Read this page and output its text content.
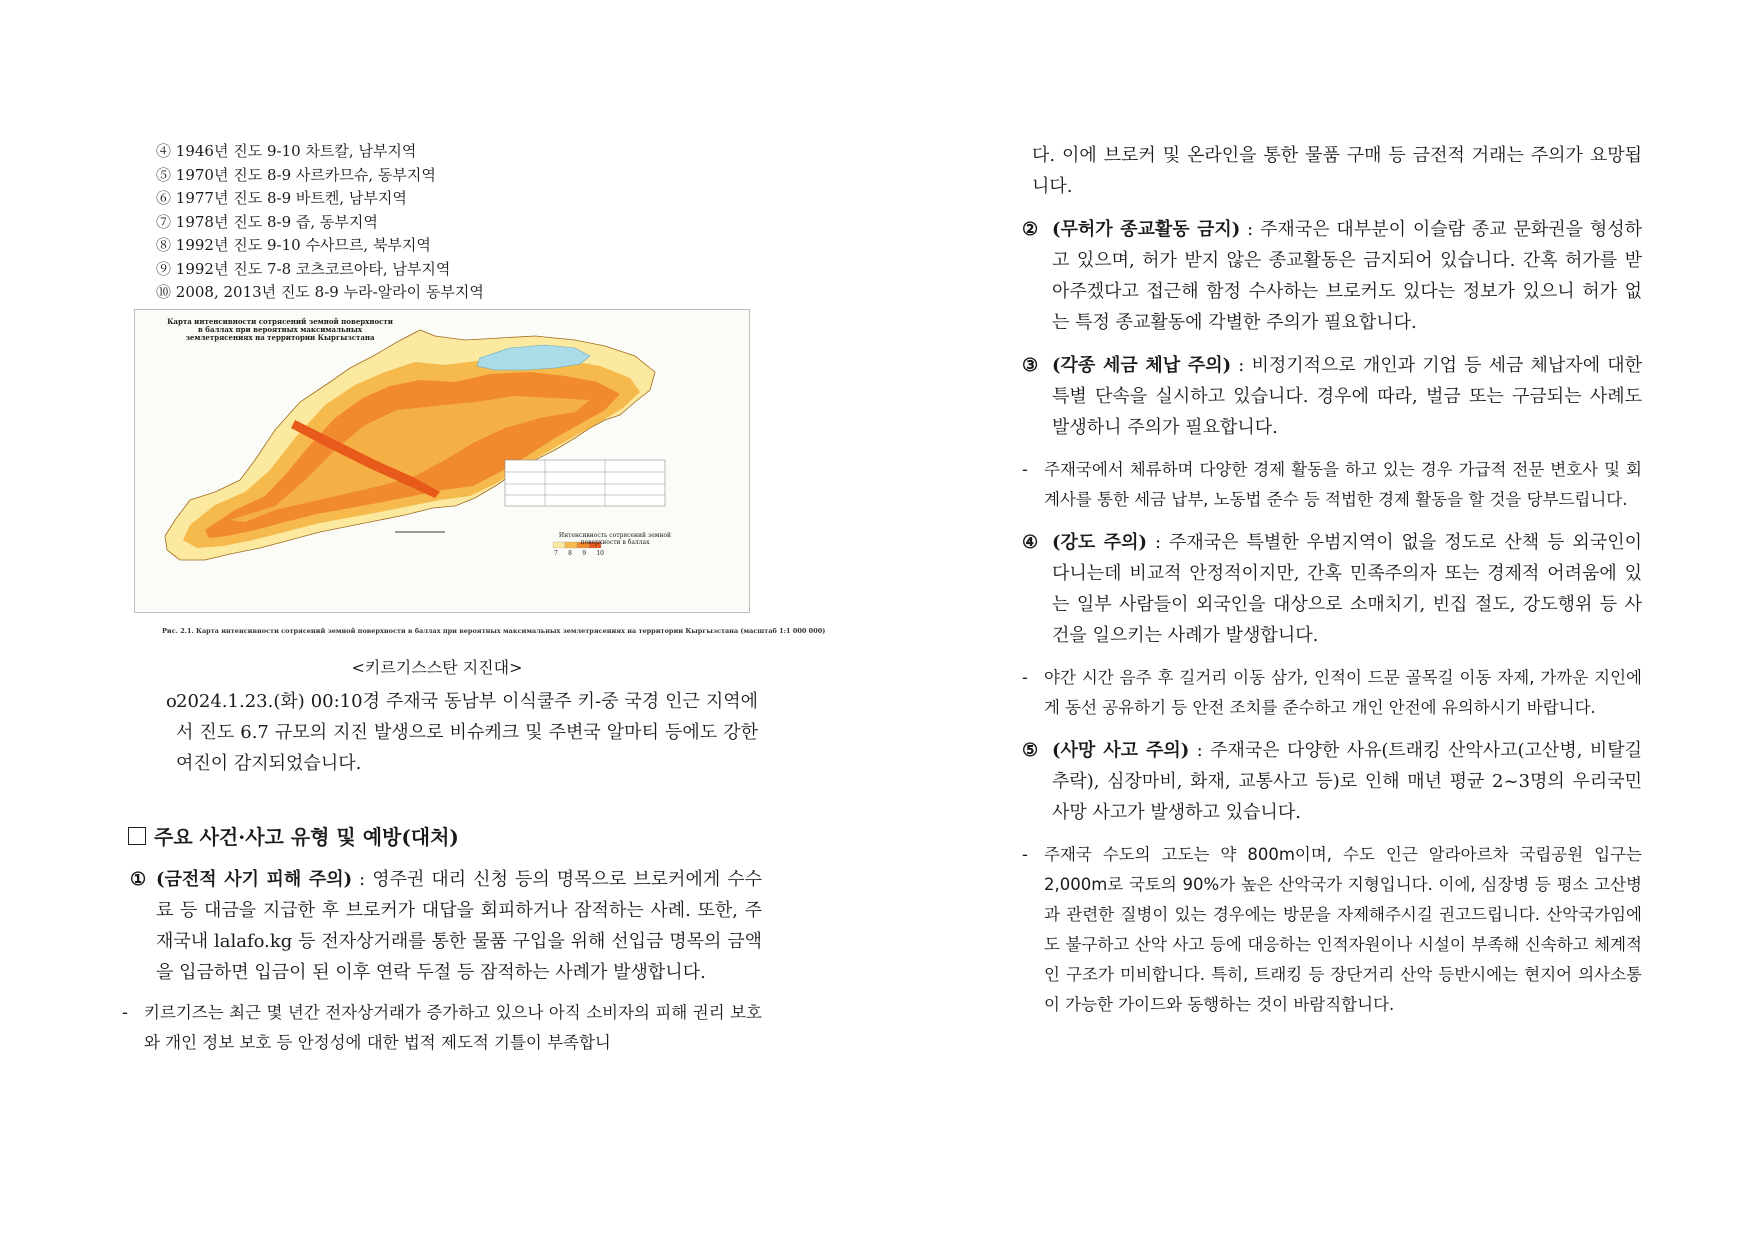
④ 1946년 진도 9-10 차트칼, 남부지역
⑤ 1970년 진도 8-9 사르카므슈, 동부지역
⑥ 1977년 진도 8-9 바트켄, 남부지역
⑦ 1978년 진도 8-9 즙, 동부지역
⑧ 1992년 진도 9-10 수사므르, 북부지역
⑨ 1992년 진도 7-8 코츠코르아타, 남부지역
⑩ 2008, 2013년 진도 8-9 누라-알라이 동부지역
Карта интенсивности сотрясений земной поверхности в баллах при вероятных максимальных землетрясениях на территории Кыргызстана
Интенсивность сотрясений земной поверхности в баллах
7 8 9 10
Рис. 2.1. Карта интенсивности сотрясений земной поверхности в баллах при вероятных максимальных землетрясениях на территории Кыргызстана (масштаб 1:1 000 000)
<키르기스스탄 지진대>
o 2024.1.23.(화) 00:10경 주재국 동남부 이식쿨주 키-중 국경 인근 지역에서 진도 6.7 규모의 지진 발생으로 비슈케크 및 주변국 알마티 등에도 강한 여진이 감지되었습니다.
주요 사건·사고 유형 및 예방(대처)
① (금전적 사기 피해 주의) : 영주권 대리 신청 등의 명목으로 브로커에게 수수료 등 대금을 지급한 후 브로커가 대답을 회피하거나 잠적하는 사례. 또한, 주재국내 lalafo.kg 등 전자상거래를 통한 물품 구입을 위해 선입금 명목의 금액을 입금하면 입금이 된 이후 연락 두절 등 잠적하는 사례가 발생합니다.
- 키르기즈는 최근 몇 년간 전자상거래가 증가하고 있으나 아직 소비자의 피해 권리 보호와 개인 정보 보호 등 안정성에 대한 법적 제도적 기틀이 부족합니
다. 이에 브로커 및 온라인을 통한 물품 구매 등 금전적 거래는 주의가 요망됩니다.
② (무허가 종교활동 금지) : 주재국은 대부분이 이슬람 종교 문화권을 형성하고 있으며, 허가 받지 않은 종교활동은 금지되어 있습니다. 간혹 허가를 받아주겠다고 접근해 함정 수사하는 브로커도 있다는 정보가 있으니 허가 없는 특정 종교활동에 각별한 주의가 필요합니다.
③ (각종 세금 체납 주의) : 비정기적으로 개인과 기업 등 세금 체납자에 대한 특별 단속을 실시하고 있습니다. 경우에 따라, 벌금 또는 구금되는 사례도 발생하니 주의가 필요합니다.
- 주재국에서 체류하며 다양한 경제 활동을 하고 있는 경우 가급적 전문 변호사 및 회계사를 통한 세금 납부, 노동법 준수 등 적법한 경제 활동을 할 것을 당부드립니다.
④ (강도 주의) : 주재국은 특별한 우범지역이 없을 정도로 산책 등 외국인이 다니는데 비교적 안정적이지만, 간혹 민족주의자 또는 경제적 어려움에 있는 일부 사람들이 외국인을 대상으로 소매치기, 빈집 절도, 강도행위 등 사건을 일으키는 사례가 발생합니다.
- 야간 시간 음주 후 길거리 이동 삼가, 인적이 드문 골목길 이동 자제, 가까운 지인에게 동선 공유하기 등 안전 조치를 준수하고 개인 안전에 유의하시기 바랍니다.
⑤ (사망 사고 주의) : 주재국은 다양한 사유(트래킹 산악사고(고산병, 비탈길 추락), 심장마비, 화재, 교통사고 등)로 인해 매년 평균 2~3명의 우리국민 사망 사고가 발생하고 있습니다.
- 주재국 수도의 고도는 약 800m이며, 수도 인근 알라아르차 국립공원 입구는 2,000m로 국토의 90%가 높은 산악국가 지형입니다. 이에, 심장병 등 평소 고산병과 관련한 질병이 있는 경우에는 방문을 자제해주시길 권고드립니다. 산악국가임에도 불구하고 산악 사고 등에 대응하는 인적자원이나 시설이 부족해 신속하고 체계적인 구조가 미비합니다. 특히, 트래킹 등 장단거리 산악 등반시에는 현지어 의사소통이 가능한 가이드와 동행하는 것이 바람직합니다.
